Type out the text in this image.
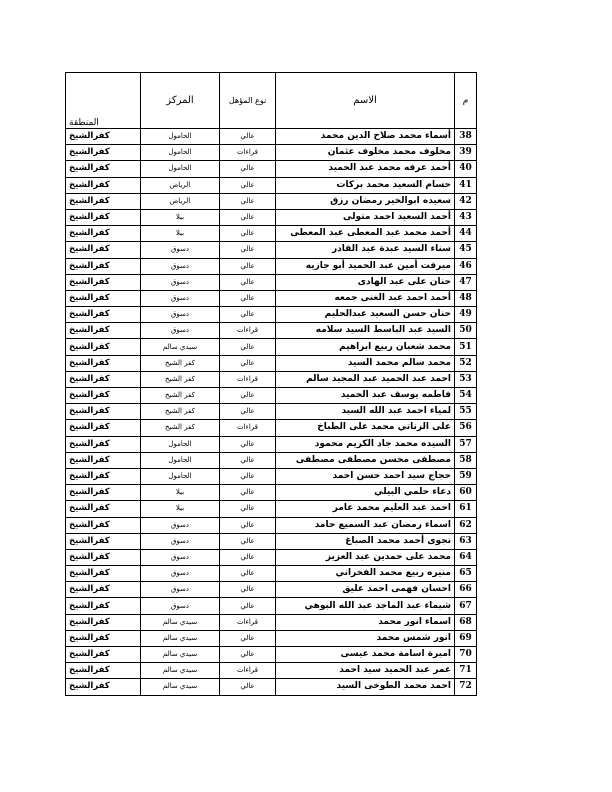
م	الاسم	نوع المؤهل	المركز	المنطقة
38	أسماء محمد صلاح الدين محمد	عالي	الحامول	كفرالشيخ
39	مخلوف محمد مخلوف عثمان	قراءات	الحامول	كفرالشيخ
40	أحمد عرفه محمد عبد الحميد	عالي	الحامول	كفرالشيخ
41	حسام السعيد محمد بركات	عالي	الرياض	كفرالشيخ
42	سعيده ابوالخير رمضان رزق	عالي	الرياض	كفرالشيخ
43	أحمد السعيد احمد متولى	عالي	بيلا	كفرالشيخ
44	أحمد محمد عبد المعطى عبد المعطى	عالي	بيلا	كفرالشيخ
45	سناء السيد عبدة عبد القادر	عالي	دسوق	كفرالشيخ
46	ميرفت أمين عبد الحميد أبو جازيه	عالي	دسوق	كفرالشيخ
47	حنان على عبد الهادى	عالي	دسوق	كفرالشيخ
48	أحمد احمد عبد الغنى جمعه	عالي	دسوق	كفرالشيخ
49	حنان حسن السعيد عبدالحليم	عالي	دسوق	كفرالشيخ
50	السيد عبد الباسط السيد سلامه	قراءات	دسوق	كفرالشيخ
51	محمد شعبان ربيع ابراهيم	عالي	سيدي سالم	كفرالشيخ
52	محمد سالم محمد السيد	عالي	كفر الشيخ	كفرالشيخ
53	احمد عبد الحميد عبد المجيد سالم	قراءات	كفر الشيخ	كفرالشيخ
54	فاطمه يوسف عبد الحميد	عالي	كفر الشيخ	كفرالشيخ
55	لمياء احمد عبد الله السيد	عالي	كفر الشيخ	كفرالشيخ
56	على الزناتي محمد على الطباخ	قراءات	كفر الشيخ	كفرالشيخ
57	السيده محمد جاد الكريم محمود	عالي	الحامول	كفرالشيخ
58	مصطفى محسن مصطفى مصطفى	عالي	الحامول	كفرالشيخ
59	حجاج سيد احمد حسن احمد	عالي	الحامول	كفرالشيخ
60	دعاء حلمي البيلي	عالي	بيلا	كفرالشيخ
61	احمد عبد العليم محمد عامر	عالي	بيلا	كفرالشيخ
62	اسماء رمضان عبد السميع حامد	عالي	دسوق	كفرالشيخ
63	نجوى أحمد محمد الصباغ	عالي	دسوق	كفرالشيخ
64	محمد على حمدين عبد العزيز	عالي	دسوق	كفرالشيخ
65	منيره ربيع محمد الفخراني	عالي	دسوق	كفرالشيخ
66	احسان فهمى احمد عليق	عالي	دسوق	كفرالشيخ
67	شيماء عبد الماجد عبد الله البوهي	عالي	دسوق	كفرالشيخ
68	اسماء انور محمد	قراءات	سيدي سالم	كفرالشيخ
69	انور شمس محمد	عالي	سيدي سالم	كفرالشيخ
70	اميرة اسامة محمد عيسى	عالي	سيدي سالم	كفرالشيخ
71	عمر عبد الحميد سيد احمد	قراءات	سيدي سالم	كفرالشيخ
72	احمد محمد الطوخى السيد	عالي	سيدي سالم	كفرالشيخ
